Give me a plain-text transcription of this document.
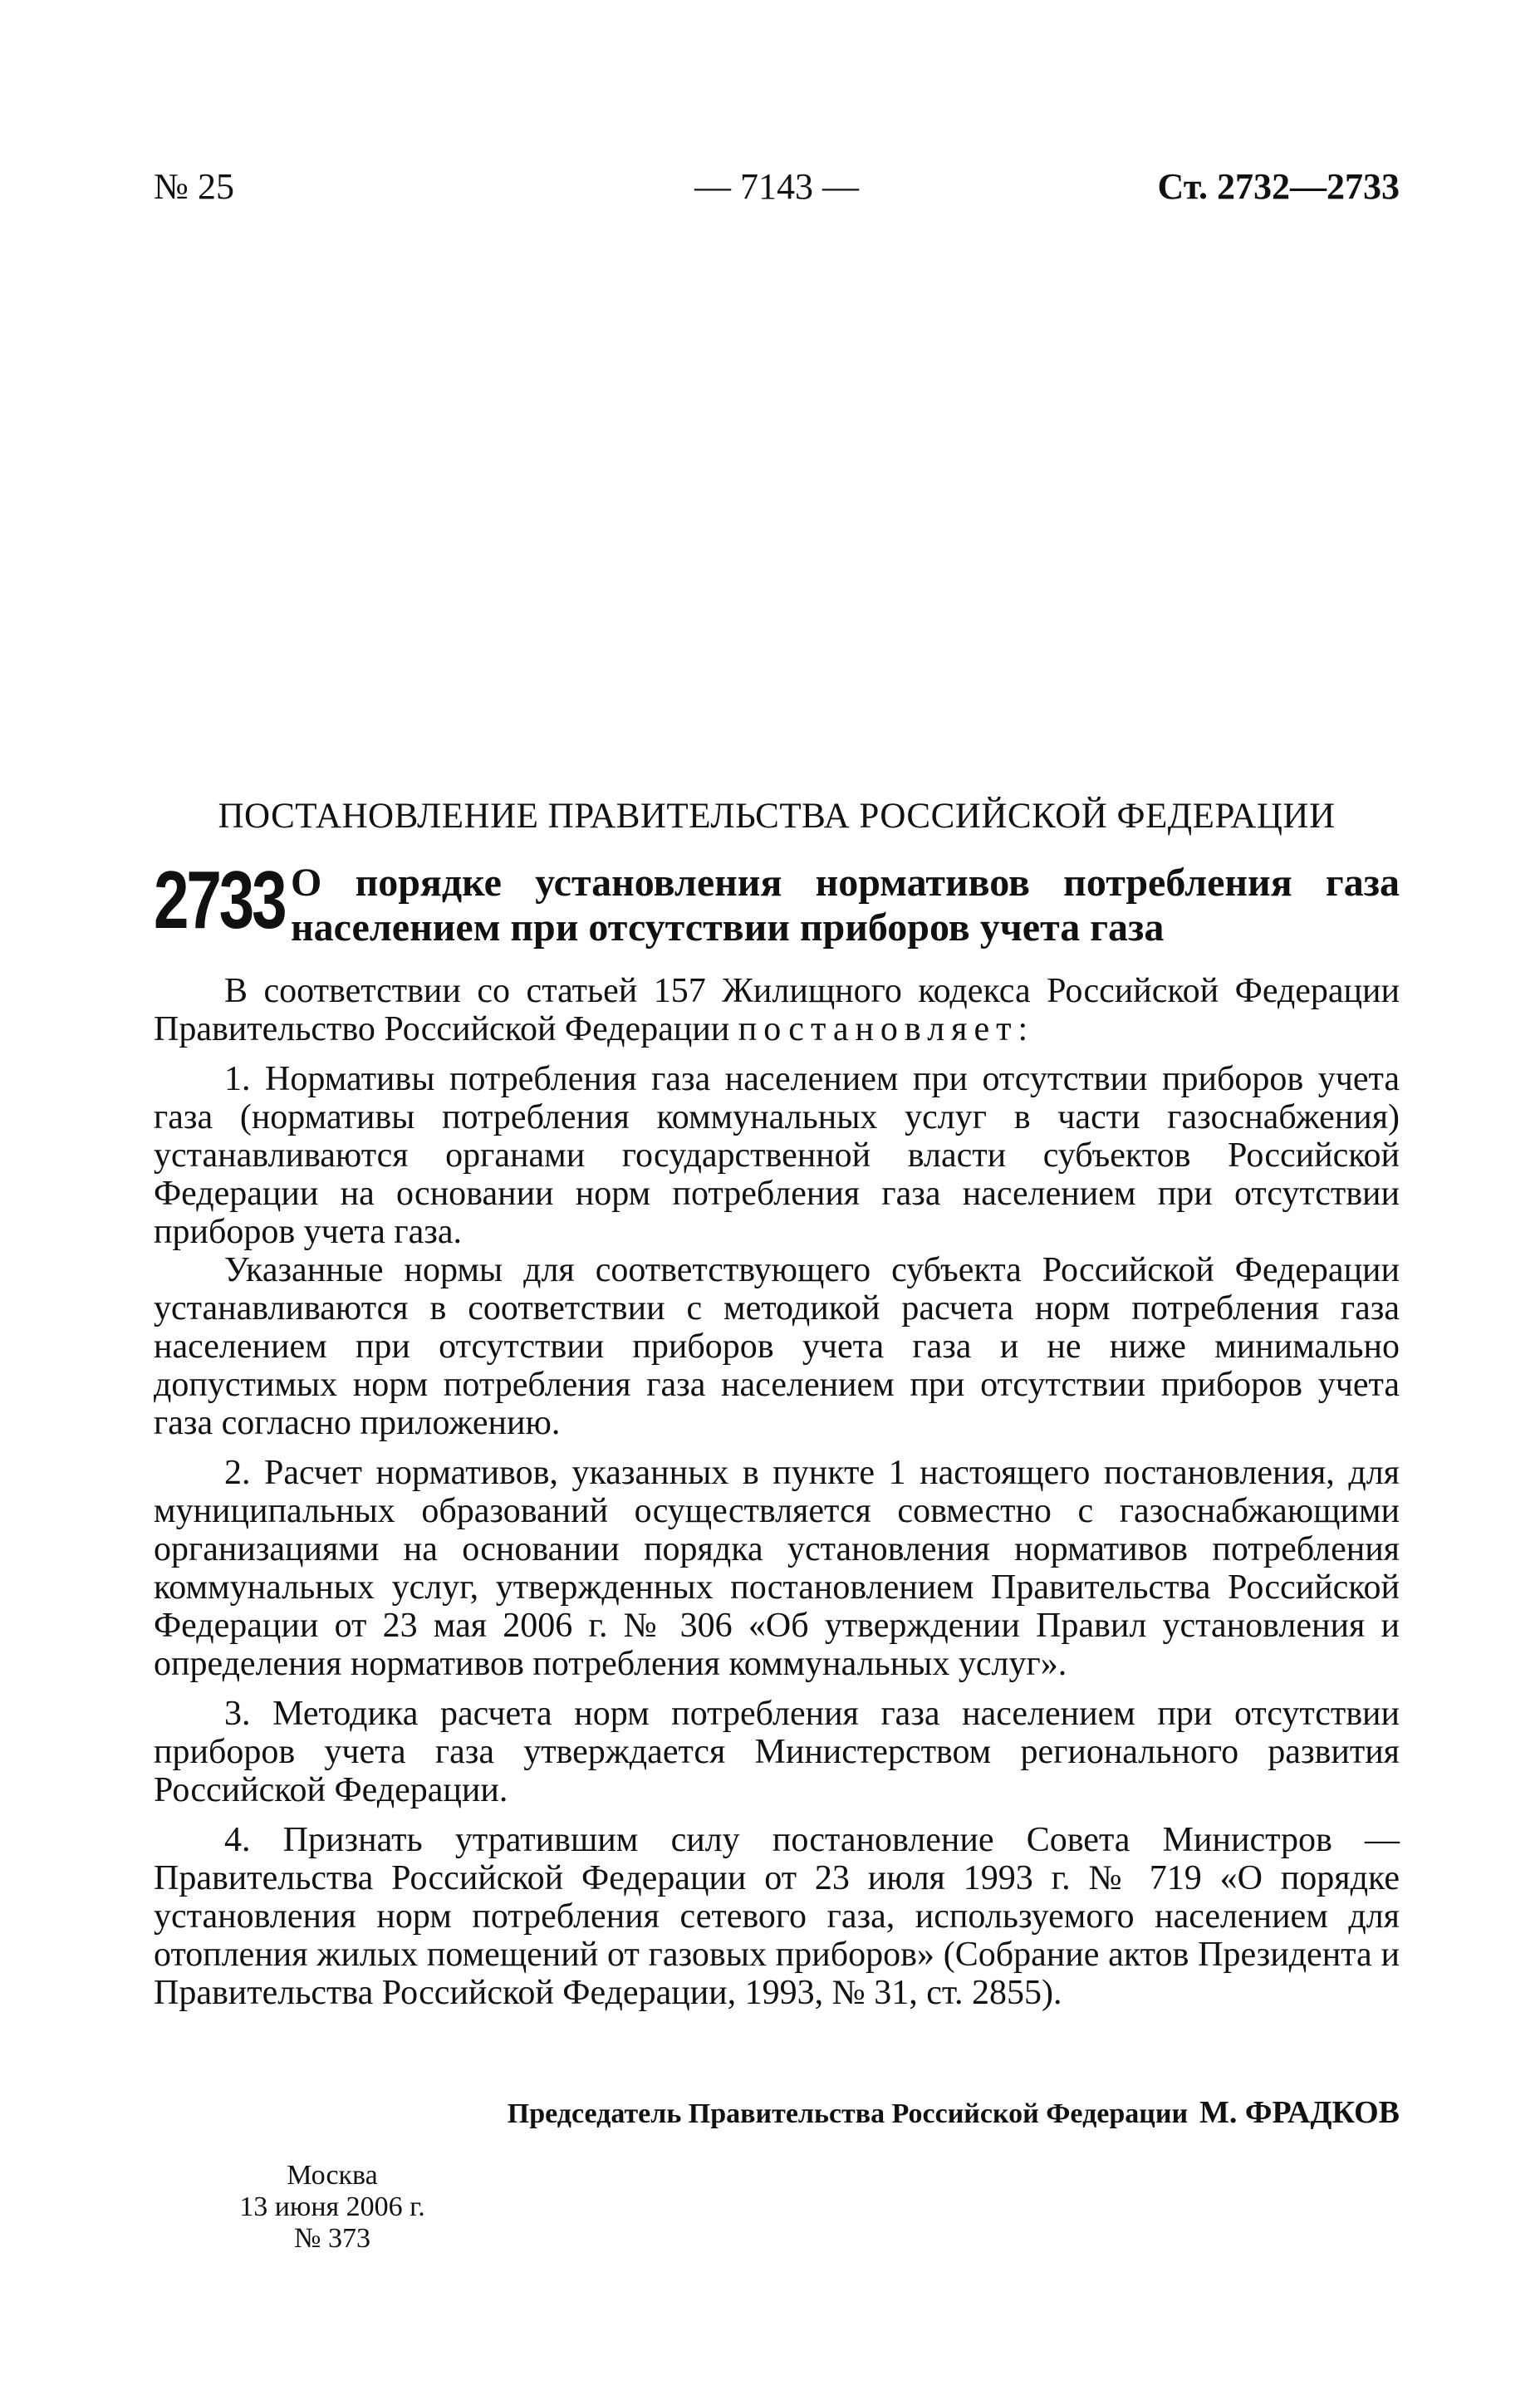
№ 25	— 7143 —	Ст. 2732—2733
ПОСТАНОВЛЕНИЕ ПРАВИТЕЛЬСТВА РОССИЙСКОЙ ФЕДЕРАЦИИ
2733 О порядке установления нормативов потребления газа
населением при отсутствии приборов учета газа

В соответствии со статьей 157 Жилищного кодекса Российской Федерации Правительство Российской Федерации постановляет:

1. Нормативы потребления газа населением при отсутствии приборов учета газа (нормативы потребления коммунальных услуг в части газоснабжения) устанавливаются органами государственной власти субъектов Российской Федерации на основании норм потребления газа населением при отсутствии приборов учета газа.

Указанные нормы для соответствующего субъекта Российской Федерации устанавливаются в соответствии с методикой расчета норм потребления газа населением при отсутствии приборов учета газа и не ниже минимально допустимых норм потребления газа населением при отсутствии приборов учета газа согласно приложению.

2. Расчет нормативов, указанных в пункте 1 настоящего постановления, для муниципальных образований осуществляется совместно с газоснабжающими организациями на основании порядка установления нормативов потребления коммунальных услуг, утвержденных постановлением Правительства Российской Федерации от 23 мая 2006 г. № 306 «Об утверждении Правил установления и определения нормативов потребления коммунальных услуг».

3. Методика расчета норм потребления газа населением при отсутствии приборов учета газа утверждается Министерством регионального развития Российской Федерации.

4. Признать утратившим силу постановление Совета Министров — Правительства Российской Федерации от 23 июля 1993 г. № 719 «О порядке установления норм потребления сетевого газа, используемого населением для отопления жилых помещений от газовых приборов» (Собрание актов Президента и Правительства Российской Федерации, 1993, № 31, ст. 2855).

Председатель Правительства Российской Федерации М. ФРАДКОВ
Москва
13 июня 2006 г.
№ 373
